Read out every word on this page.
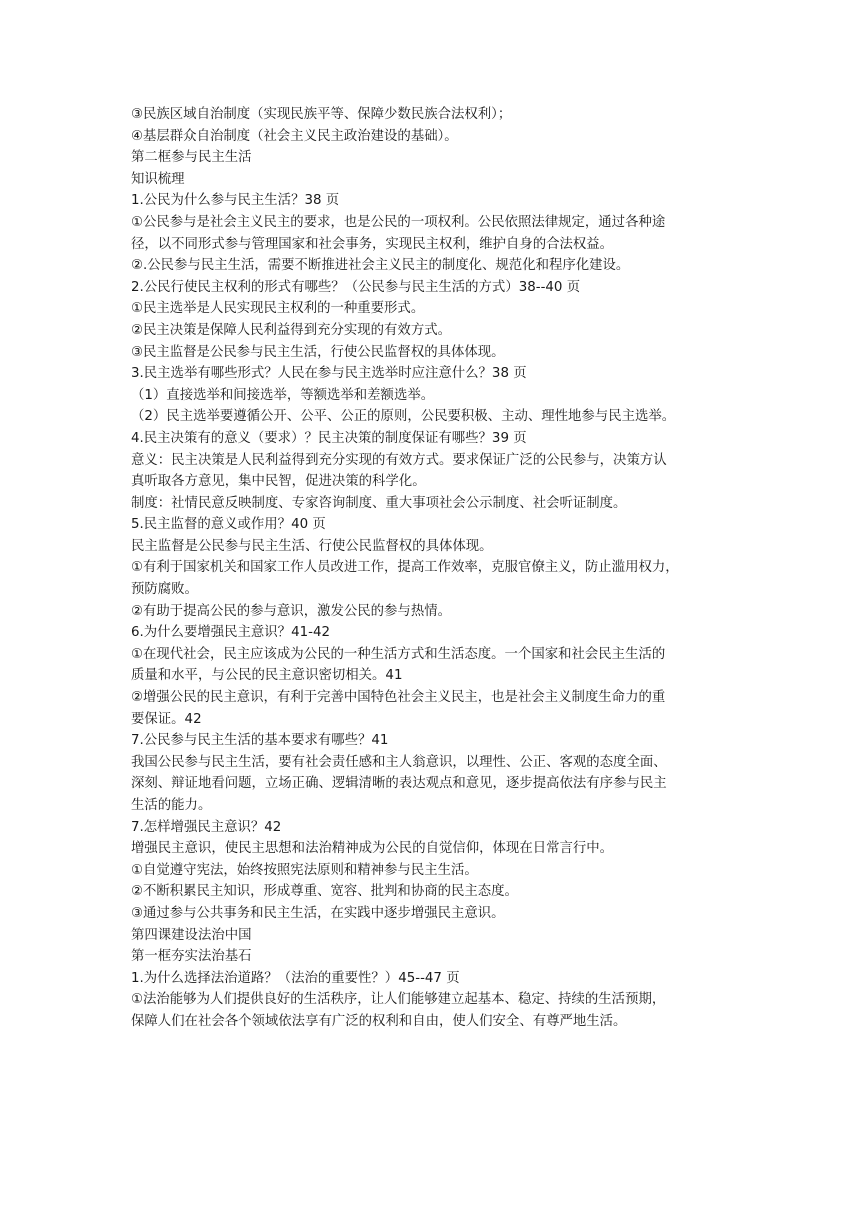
③民族区域自治制度（实现民族平等、保障少数民族合法权利）；
④基层群众自治制度（社会主义民主政治建设的基础）。
第二框参与民主生活
知识梳理
1.公民为什么参与民主生活？38 页
①公民参与是社会主义民主的要求，也是公民的一项权利。公民依照法律规定，通过各种途
径，以不同形式参与管理国家和社会事务，实现民主权利，维护自身的合法权益。
②.公民参与民主生活，需要不断推进社会主义民主的制度化、规范化和程序化建设。
2.公民行使民主权利的形式有哪些？（公民参与民主生活的方式）38--40 页
①民主选举是人民实现民主权利的一种重要形式。
②民主决策是保障人民利益得到充分实现的有效方式。
③民主监督是公民参与民主生活，行使公民监督权的具体体现。
3.民主选举有哪些形式？人民在参与民主选举时应注意什么？38 页
（1）直接选举和间接选举，等额选举和差额选举。
（2）民主选举要遵循公开、公平、公正的原则，公民要积极、主动、理性地参与民主选举。
4.民主决策有的意义（要求）？民主决策的制度保证有哪些？39 页
意义：民主决策是人民利益得到充分实现的有效方式。要求保证广泛的公民参与，决策方认
真听取各方意见，集中民智，促进决策的科学化。
制度：社情民意反映制度、专家咨询制度、重大事项社会公示制度、社会听证制度。
5.民主监督的意义或作用？40 页
民主监督是公民参与民主生活、行使公民监督权的具体体现。
①有利于国家机关和国家工作人员改进工作，提高工作效率，克服官僚主义，防止滥用权力，
预防腐败。
②有助于提高公民的参与意识，激发公民的参与热情。
6.为什么要增强民主意识？41-42
①在现代社会，民主应该成为公民的一种生活方式和生活态度。一个国家和社会民主生活的
质量和水平，与公民的民主意识密切相关。41
②增强公民的民主意识，有利于完善中国特色社会主义民主，也是社会主义制度生命力的重
要保证。42
7.公民参与民主生活的基本要求有哪些？41
我国公民参与民主生活，要有社会责任感和主人翁意识，以理性、公正、客观的态度全面、
深刻、辩证地看问题，立场正确、逻辑清晰的表达观点和意见，逐步提高依法有序参与民主
生活的能力。
7.怎样增强民主意识？42
增强民主意识，使民主思想和法治精神成为公民的自觉信仰，体现在日常言行中。
①自觉遵守宪法，始终按照宪法原则和精神参与民主生活。
②不断积累民主知识，形成尊重、宽容、批判和协商的民主态度。
③通过参与公共事务和民主生活，在实践中逐步增强民主意识。
第四课建设法治中国
第一框夯实法治基石
1.为什么选择法治道路？（法治的重要性？）45--47 页
①法治能够为人们提供良好的生活秩序，让人们能够建立起基本、稳定、持续的生活预期，
保障人们在社会各个领域依法享有广泛的权利和自由，使人们安全、有尊严地生活。
